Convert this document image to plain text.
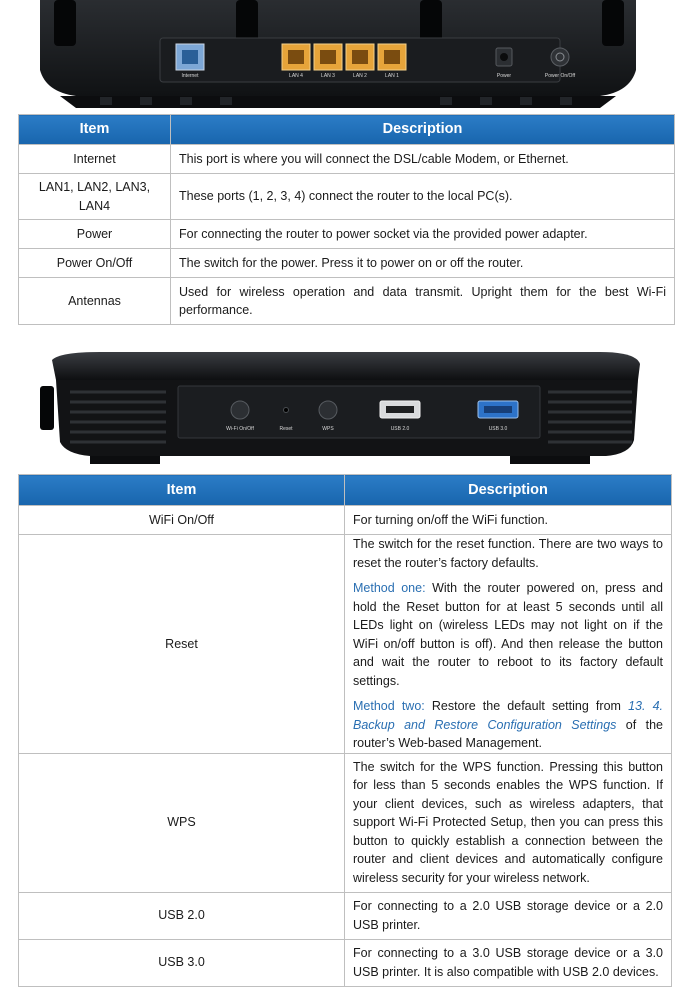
Internet	LAN 4	LAN 3	LAN 2	LAN 1	Power	Power On/Off
Item	Description
Internet	This port is where you will connect the DSL/cable Modem, or Ethernet.
LAN1, LAN2, LAN3, LAN4	These ports (1, 2, 3, 4) connect the router to the local PC(s).
Power	For connecting the router to power socket via the provided power adapter.
Power On/Off	The switch for the power. Press it to power on or off the router.
Antennas	Used for wireless operation and data transmit. Upright them for the best Wi-Fi performance.
Wi-Fi On/Off	Reset	WPS	USB 2.0	USB 3.0
Item	Description
WiFi On/Off	For turning on/off the WiFi function.
Reset	The switch for the reset function. There are two ways to reset the router’s factory defaults.

Method one: With the router powered on, press and hold the Reset button for at least 5 seconds until all LEDs light on (wireless LEDs may not light on if the WiFi on/off button is off). And then release the button and wait the router to reboot to its factory default settings.

Method two: Restore the default setting from 13. 4. Backup and Restore Configuration Settings of the router’s Web-based Management.

WPS	The switch for the WPS function. Pressing this button for less than 5 seconds enables the WPS function. If your client devices, such as wireless adapters, that support Wi-Fi Protected Setup, then you can press this button to quickly establish a connection between the router and client devices and automatically configure wireless security for your wireless network.
USB 2.0	For connecting to a 2.0 USB storage device or a 2.0 USB printer.
USB 3.0	For connecting to a 3.0 USB storage device or a 3.0 USB printer. It is also compatible with USB 2.0 devices.
